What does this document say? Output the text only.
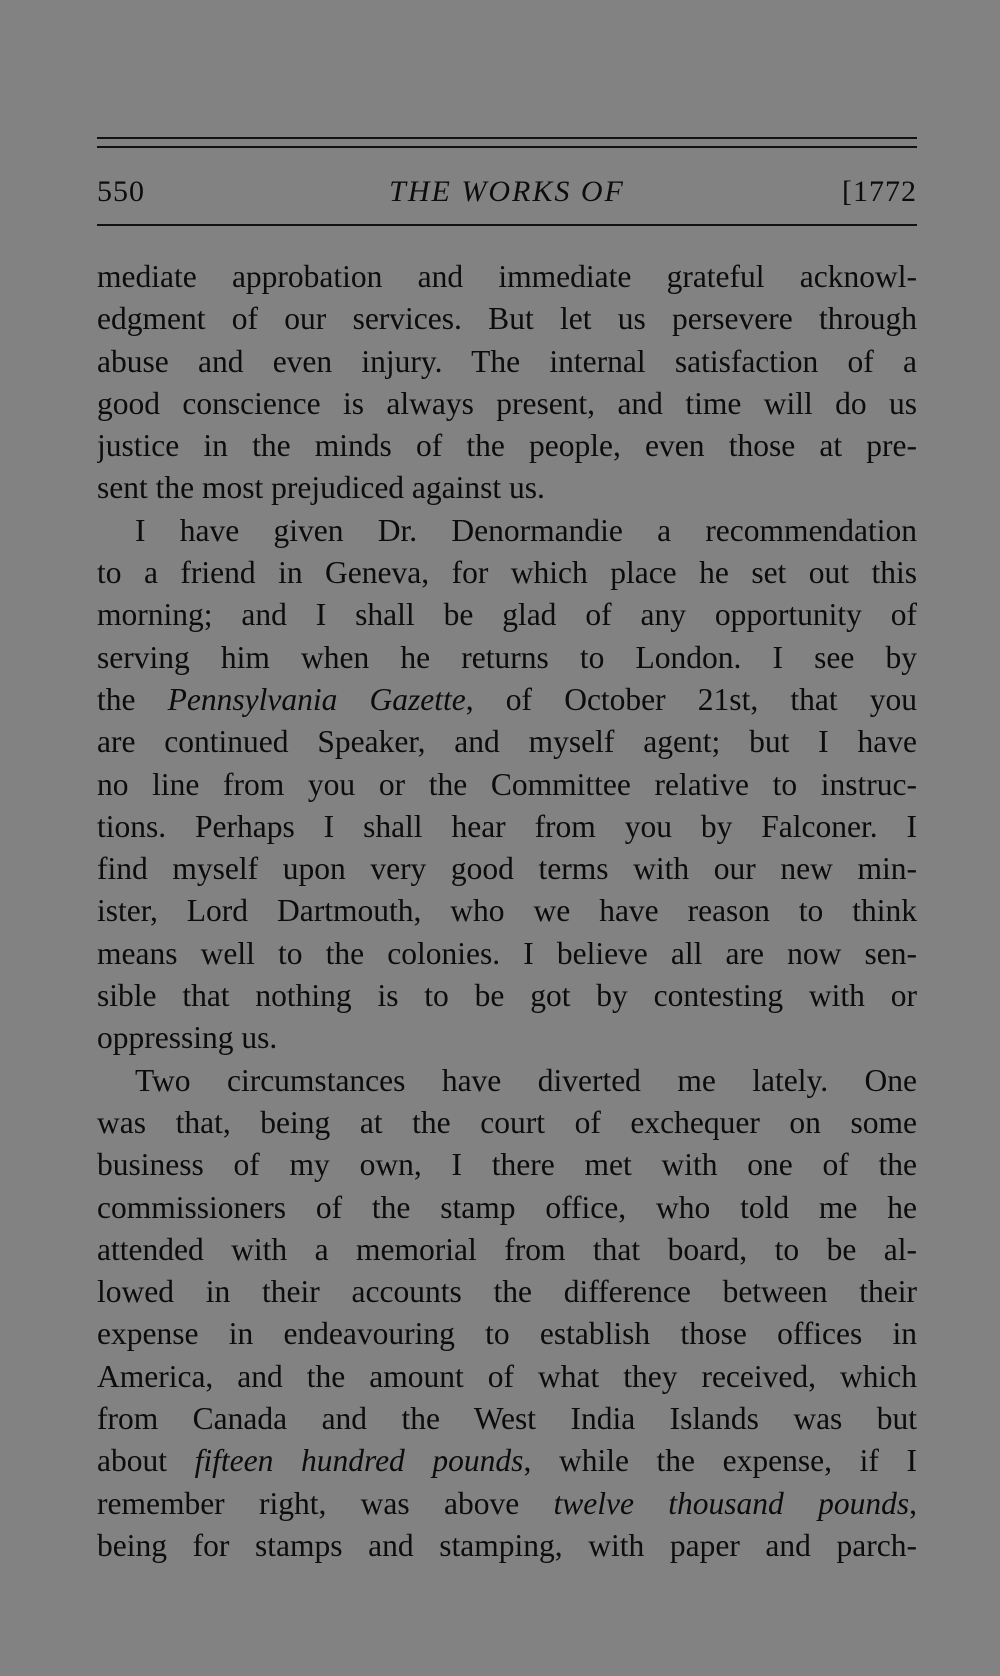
550	THE WORKS OF	[1772
mediate approbation and immediate grateful acknowl-
edgment of our services. But let us persevere through
abuse and even injury. The internal satisfaction of a
good conscience is always present, and time will do us
justice in the minds of the people, even those at pre-
sent the most prejudiced against us.
I have given Dr. Denormandie a recommendation
to a friend in Geneva, for which place he set out this
morning; and I shall be glad of any opportunity of
serving him when he returns to London. I see by
the Pennsylvania Gazette, of October 21st, that you
are continued Speaker, and myself agent; but I have
no line from you or the Committee relative to instruc-
tions. Perhaps I shall hear from you by Falconer. I
find myself upon very good terms with our new min-
ister, Lord Dartmouth, who we have reason to think
means well to the colonies. I believe all are now sen-
sible that nothing is to be got by contesting with or
oppressing us.
Two circumstances have diverted me lately. One
was that, being at the court of exchequer on some
business of my own, I there met with one of the
commissioners of the stamp office, who told me he
attended with a memorial from that board, to be al-
lowed in their accounts the difference between their
expense in endeavouring to establish those offices in
America, and the amount of what they received, which
from Canada and the West India Islands was but
about fifteen hundred pounds, while the expense, if I
remember right, was above twelve thousand pounds,
being for stamps and stamping, with paper and parch-
